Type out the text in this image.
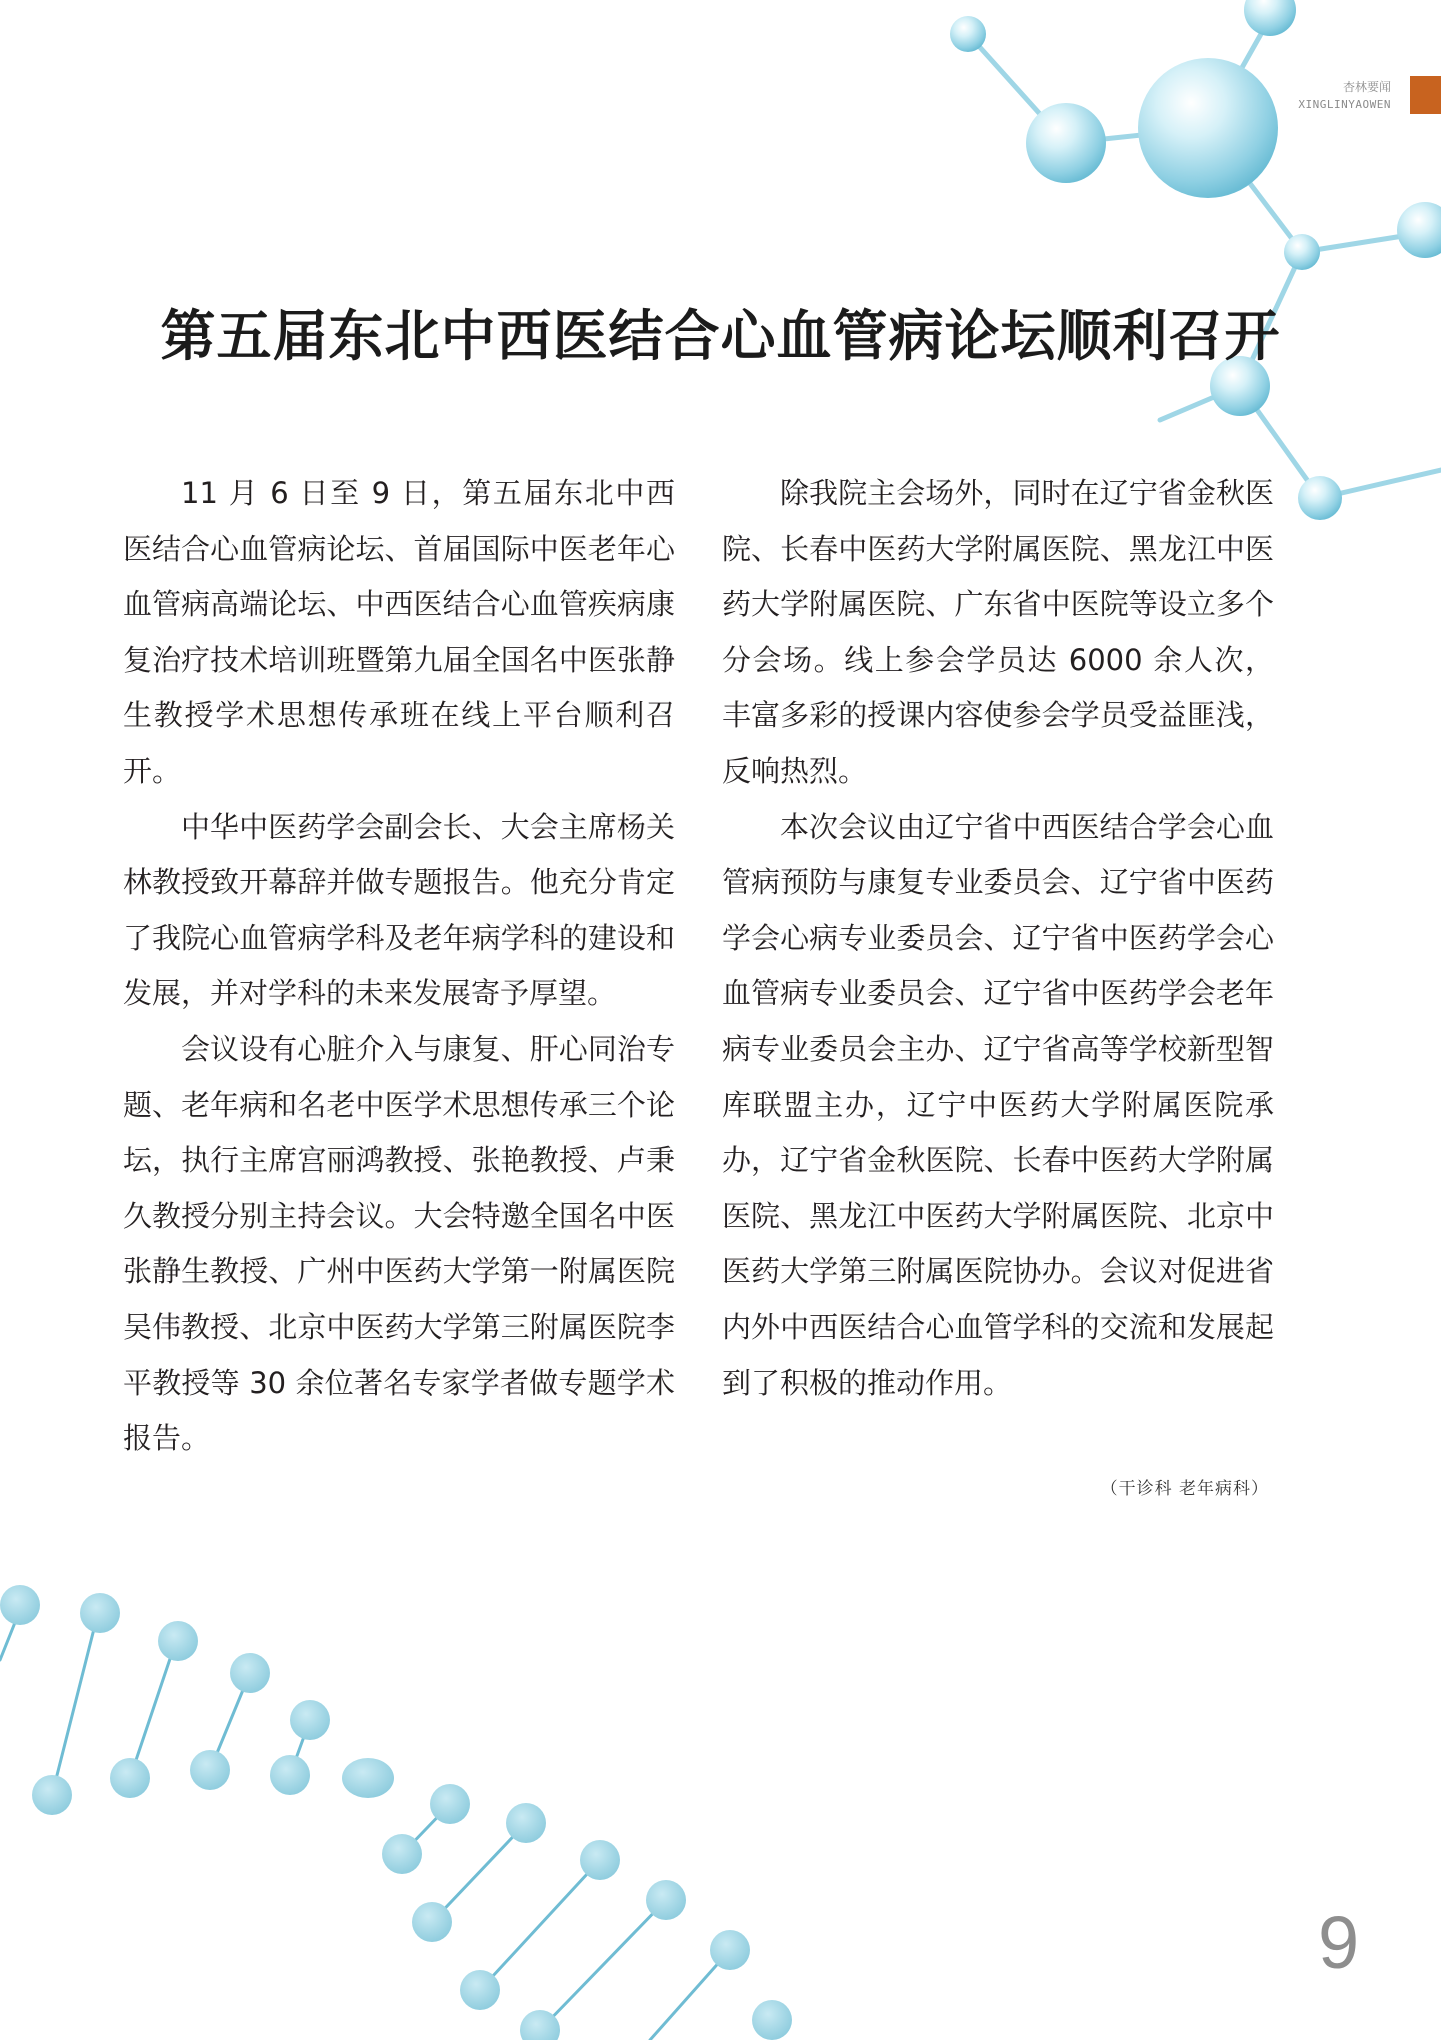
杏林要闻
XINGLINYAOWEN
第五届东北中西医结合心血管病论坛顺利召开

11 月 6 日至 9 日，第五届东北中西医结合心血管病论坛、首届国际中医老年心血管病高端论坛、中西医结合心血管疾病康复治疗技术培训班暨第九届全国名中医张静生教授学术思想传承班在线上平台顺利召开。

中华中医药学会副会长、大会主席杨关林教授致开幕辞并做专题报告。他充分肯定了我院心血管病学科及老年病学科的建设和发展，并对学科的未来发展寄予厚望。

会议设有心脏介入与康复、肝心同治专题、老年病和名老中医学术思想传承三个论坛，执行主席宫丽鸿教授、张艳教授、卢秉久教授分别主持会议。大会特邀全国名中医张静生教授、广州中医药大学第一附属医院吴伟教授、北京中医药大学第三附属医院李平教授等 30 余位著名专家学者做专题学术报告。

除我院主会场外，同时在辽宁省金秋医院、长春中医药大学附属医院、黑龙江中医药大学附属医院、广东省中医院等设立多个分会场。线上参会学员达 6000 余人次，丰富多彩的授课内容使参会学员受益匪浅，反响热烈。

本次会议由辽宁省中西医结合学会心血管病预防与康复专业委员会、辽宁省中医药学会心病专业委员会、辽宁省中医药学会心血管病专业委员会、辽宁省中医药学会老年病专业委员会主办、辽宁省高等学校新型智库联盟主办，辽宁中医药大学附属医院承办，辽宁省金秋医院、长春中医药大学附属医院、黑龙江中医药大学附属医院、北京中医药大学第三附属医院协办。会议对促进省内外中西医结合心血管学科的交流和发展起到了积极的推动作用。

（干诊科 老年病科）
9
